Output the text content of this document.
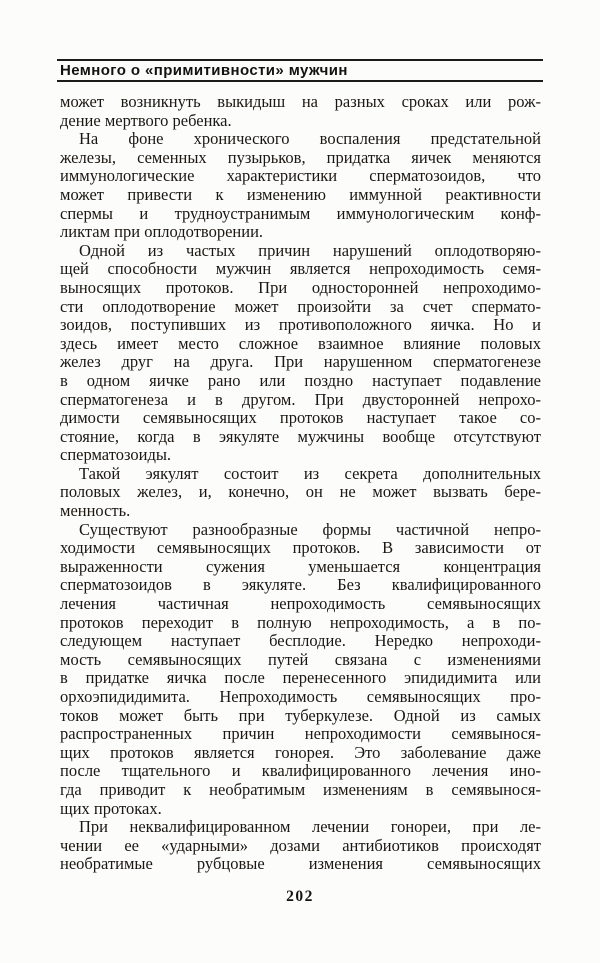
Немного о «примитивности» мужчин
может возникнуть выкидыш на разных сроках или рож-
дение мертвого ребенка.
На фоне хронического воспаления предстательной
железы, семенных пузырьков, придатка яичек меняются
иммунологические характеристики сперматозоидов, что
может привести к изменению иммунной реактивности
спермы и трудноустранимым иммунологическим конф-
ликтам при оплодотворении.
Одной из частых причин нарушений оплодотворяю-
щей способности мужчин является непроходимость семя-
выносящих протоков. При односторонней непроходимо-
сти оплодотворение может произойти за счет спермато-
зоидов, поступивших из противоположного яичка. Но и
здесь имеет место сложное взаимное влияние половых
желез друг на друга. При нарушенном сперматогенезе
в одном яичке рано или поздно наступает подавление
сперматогенеза и в другом. При двусторонней непрохо-
димости семявыносящих протоков наступает такое со-
стояние, когда в эякуляте мужчины вообще отсутствуют
сперматозоиды.
Такой эякулят состоит из секрета дополнительных
половых желез, и, конечно, он не может вызвать бере-
менность.
Существуют разнообразные формы частичной непро-
ходимости семявыносящих протоков. В зависимости от
выраженности сужения уменьшается концентрация
сперматозоидов в эякуляте. Без квалифицированного
лечения частичная непроходимость семявыносящих
протоков переходит в полную непроходимость, а в по-
следующем наступает бесплодие. Нередко непроходи-
мость семявыносящих путей связана с изменениями
в придатке яичка после перенесенного эпидидимита или
орхоэпидидимита. Непроходимость семявыносящих про-
токов может быть при туберкулезе. Одной из самых
распространенных причин непроходимости семявынося-
щих протоков является гонорея. Это заболевание даже
после тщательного и квалифицированного лечения ино-
гда приводит к необратимым изменениям в семявынося-
щих протоках.
При неквалифицированном лечении гонореи, при ле-
чении ее «ударными» дозами антибиотиков происходят
необратимые рубцовые изменения семявыносящих
202
